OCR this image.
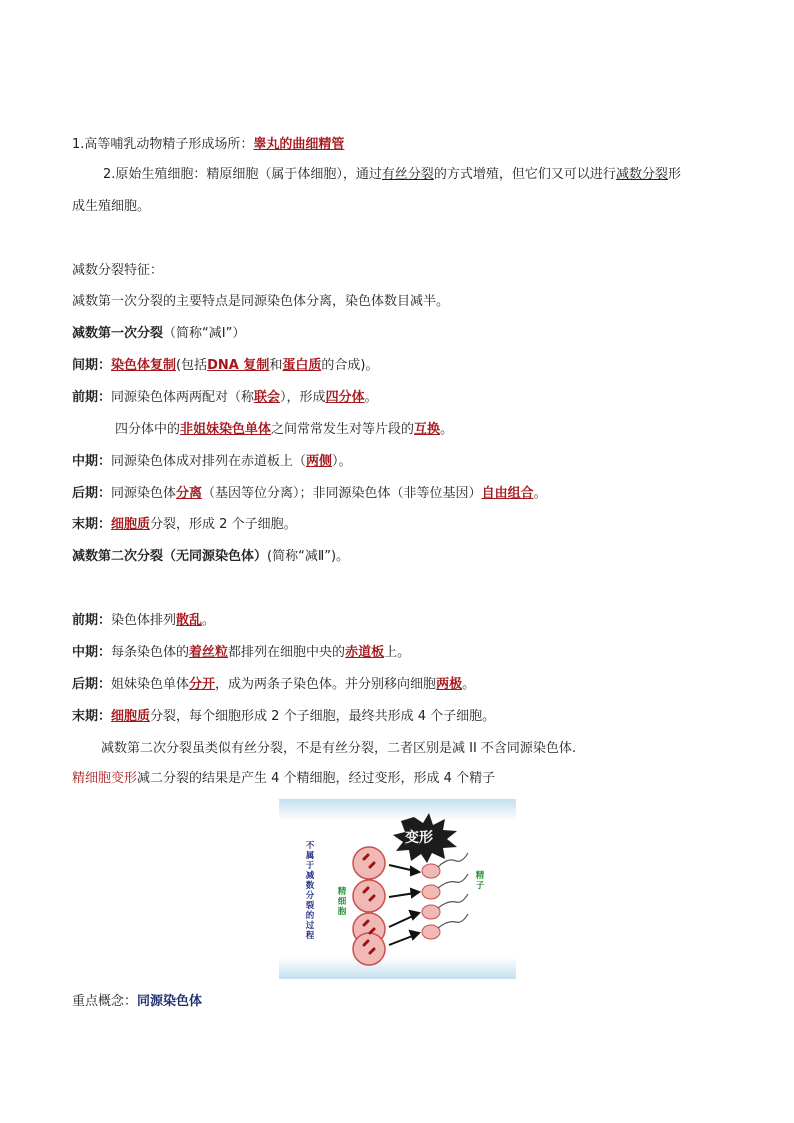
1.高等哺乳动物精子形成场所：睾丸的曲细精管
2.原始生殖细胞：精原细胞（属于体细胞），通过有丝分裂的方式增殖，但它们又可以进行减数分裂形
成生殖细胞。
减数分裂特征：
减数第一次分裂的主要特点是同源染色体分离，染色体数目减半。
减数第一次分裂（简称“减Ⅰ”）
间期：染色体复制(包括DNA 复制和蛋白质的合成)。
前期：同源染色体两两配对（称联会），形成四分体。
四分体中的非姐妹染色单体之间常常发生对等片段的互换。
中期：同源染色体成对排列在赤道板上（两侧）。
后期：同源染色体分离（基因等位分离）；非同源染色体（非等位基因）自由组合。
末期：细胞质分裂，形成 2 个子细胞。
减数第二次分裂（无同源染色体）(简称“减Ⅱ”)。
前期：染色体排列散乱。
中期：每条染色体的着丝粒都排列在细胞中央的赤道板上。
后期：姐妹染色单体分开，成为两条子染色体。并分别移向细胞两极。
末期：细胞质分裂，每个细胞形成 2 个子细胞，最终共形成 4 个子细胞。
减数第二次分裂虽类似有丝分裂，不是有丝分裂，二者区别是减 II 不含同源染色体.
精细胞变形减二分裂的结果是产生 4 个精细胞，经过变形，形成 4 个精子
变形
不
属
于
减
数
分
裂
的
过
程
精
细
胞
精
子
重点概念：同源染色体
